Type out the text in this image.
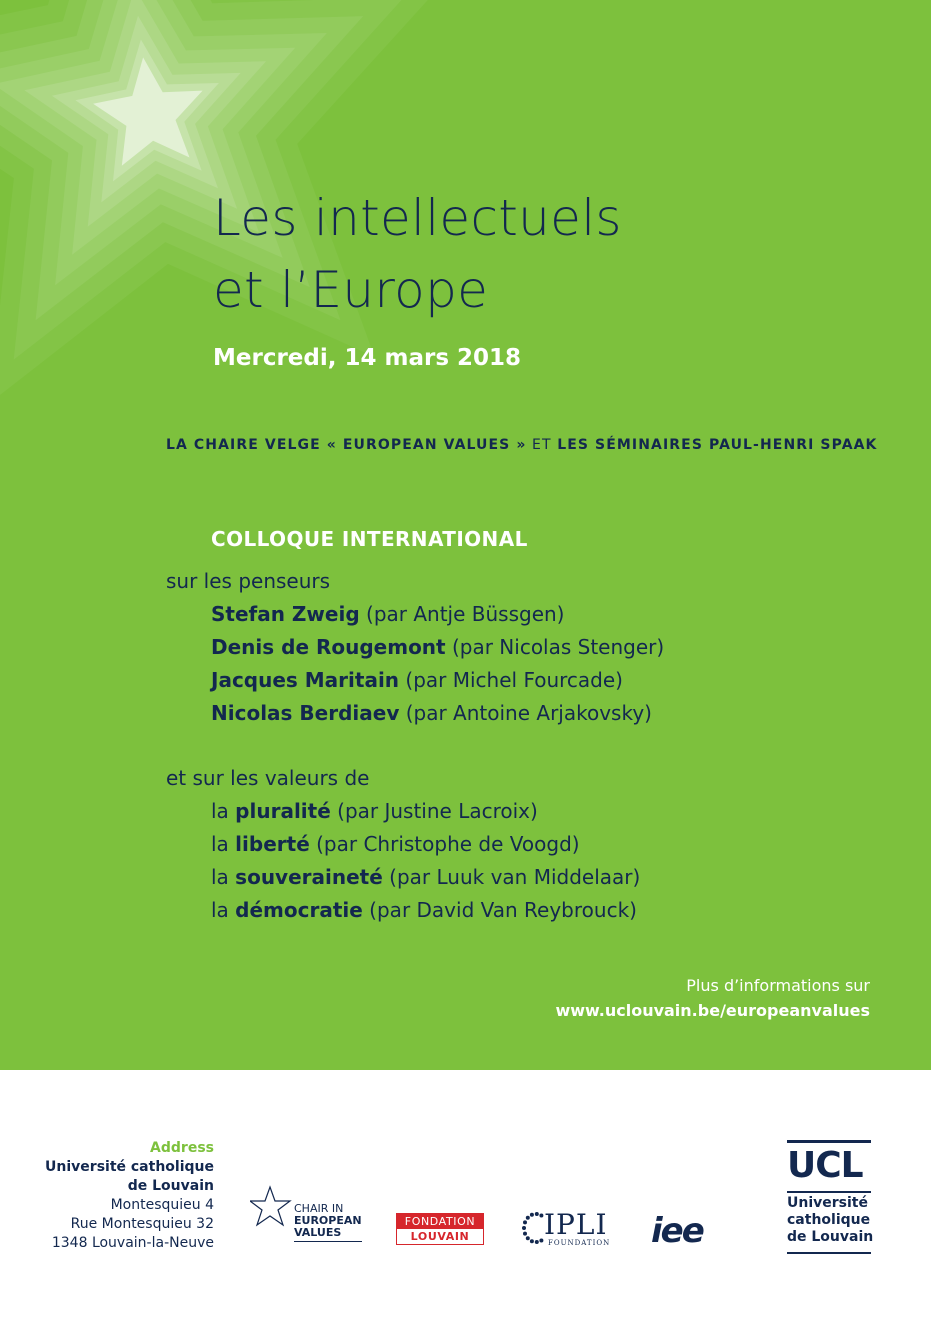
Les intellectuels
et l’Europe
Mercredi, 14 mars 2018
LA CHAIRE VELGE « EUROPEAN VALUES » ET LES SÉMINAIRES PAUL-HENRI SPAAK
COLLOQUE INTERNATIONAL
sur les penseurs
Stefan Zweig (par Antje Büssgen)
Denis de Rougemont (par Nicolas Stenger)
Jacques Maritain (par Michel Fourcade)
Nicolas Berdiaev (par Antoine Arjakovsky)
et sur les valeurs de
la pluralité (par Justine Lacroix)
la liberté (par Christophe de Voogd)
la souveraineté (par Luuk van Middelaar)
la démocratie (par David Van Reybrouck)
Plus d’informations sur
www.uclouvain.be/europeanvalues
Address
Université catholique
de Louvain
Montesquieu 4
Rue Montesquieu 32
1348 Louvain-la-Neuve
CHAIR IN
EUROPEAN
VALUES
FONDATION
LOUVAIN	IPLI
FOUNDATION iee
UCL
Université
catholique
de Louvain
